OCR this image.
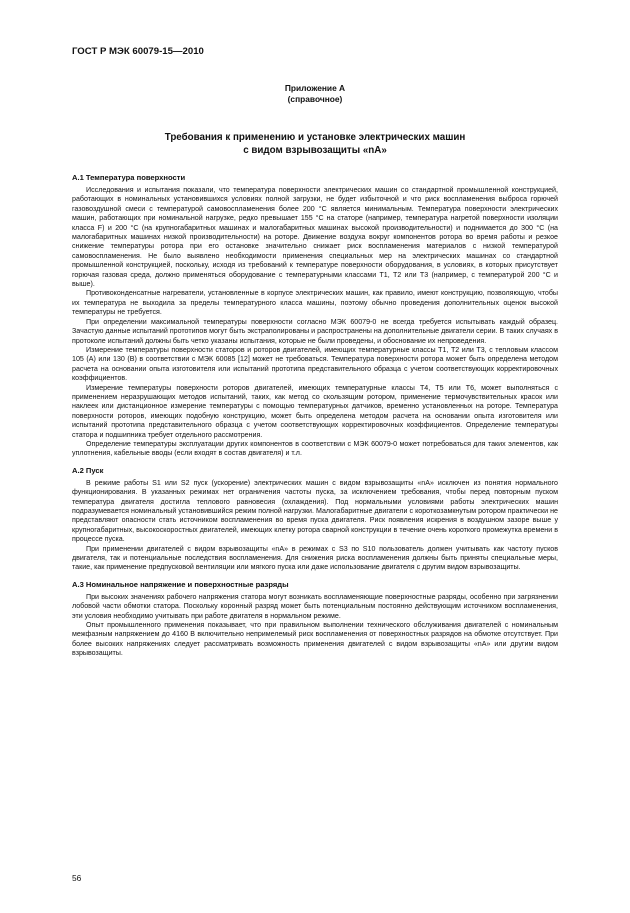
ГОСТ Р МЭК 60079-15—2010
Приложение А
(справочное)
Требования к применению и установке электрических машин
с видом взрывозащиты «nA»
А.1 Температура поверхности

Исследования и испытания показали, что температура поверхности электрических машин со стандартной промышленной конструкцией, работающих в номинальных установившихся условиях полной загрузки, не будет избыточной и что риск воспламенения выброса горючей газовоздушной смеси с температурой самовоспламенения более 200 °С является минимальным. Температура поверхности электрических машин, работающих при номинальной нагрузке, редко превышает 155 °С на статоре (например, температура нагретой поверхности изоляции класса F) и 200 °С (на крупногабаритных машинах и малогабаритных машинах высокой производительности) и поднимается до 300 °С (на малогабаритных машинах низкой производительности) на роторе. Движение воздуха вокруг компонентов ротора во время работы и резкое снижение температуры ротора при его остановке значительно снижает риск воспламенения материалов с низкой температурой самовоспламенения. Не было выявлено необходимости применения специальных мер на электрических машинах со стандартной промышленной конструкцией, поскольку, исходя из требований к температуре поверхности оборудования, в условиях, в которых присутствует горючая газовая среда, должно применяться оборудование с температурными классами Т1, Т2 или Т3 (например, с температурой 200 °С и выше).

Противоконденсатные нагреватели, установленные в корпусе электрических машин, как правило, имеют конструкцию, позволяющую, чтобы их температура не выходила за пределы температурного класса машины, поэтому обычно проведения дополнительных оценок высокой температуры не требуется.

При определении максимальной температуры поверхности согласно МЭК 60079-0 не всегда требуется испытывать каждый образец. Зачастую данные испытаний прототипов могут быть экстраполированы и распространены на дополнительные двигатели серии. В таких случаях в протоколе испытаний должны быть четко указаны испытания, которые не были проведены, и обоснование их непроведения.

Измерение температуры поверхности статоров и роторов двигателей, имеющих температурные классы Т1, Т2 или Т3, с тепловым классом 105 (А) или 130 (В) в соответствии с МЭК 60085 [12] может не требоваться. Температура поверхности ротора может быть определена методом расчета на основании опыта изготовителя или испытаний прототипа представительного образца с учетом соответствующих корректировочных коэффициентов.

Измерение температуры поверхности роторов двигателей, имеющих температурные классы Т4, Т5 или Т6, может выполняться с применением неразрушающих методов испытаний, таких, как метод со скользящим ротором, применение термочувствительных красок или наклеек или дистанционное измерение температуры с помощью температурных датчиков, временно установленных на роторе. Температура поверхности роторов, имеющих подобную конструкцию, может быть определена методом расчета на основании опыта изготовителя или испытаний прототипа представительного образца с учетом соответствующих корректировочных коэффициентов. Определение температуры статора и подшипника требует отдельного рассмотрения.

Определение температуры эксплуатации других компонентов в соответствии с МЭК 60079-0 может потребоваться для таких элементов, как уплотнения, кабельные вводы (если входят в состав двигателя) и т.л.

А.2 Пуск

В режиме работы S1 или S2 пуск (ускорение) электрических машин с видом взрывозащиты «nA» исключен из понятия нормального функционирования. В указанных режимах нет ограничения частоты пуска, за исключением требования, чтобы перед повторным пуском температура двигателя достигла теплового равновесия (охлаждения). Под нормальными условиями работы электрических машин подразумевается номинальный установившийся режим полной нагрузки. Малогабаритные двигатели с короткозамкнутым ротором практически не представляют опасности стать источником воспламенения во время пуска двигателя. Риск появления искрения в воздушном зазоре выше у крупногабаритных, высокоскоростных двигателей, имеющих клетку ротора сварной конструкции в течение очень короткого промежутка времени в процессе пуска.

При применении двигателей с видом взрывозащиты «nA» в режимах с S3 по S10 пользователь должен учитывать как частоту пусков двигателя, так и потенциальные последствия воспламенения. Для снижения риска воспламенения должны быть приняты специальные меры, такие, как применение предпусковой вентиляции или мягкого пуска или даже использование двигателя с другим видом взрывозащиты.

А.3 Номинальное напряжение и поверхностные разряды

При высоких значениях рабочего напряжения статора могут возникать воспламеняющие поверхностные разряды, особенно при загрязнении лобовой части обмотки статора. Поскольку коронный разряд может быть потенциальным постоянно действующим источником воспламенения, эти условия необходимо учитывать при работе двигателя в нормальном режиме.

Опыт промышленного применения показывает, что при правильном выполнении технического обслуживания двигателей с номинальным межфазным напряжением до 4160 В включительно непримелемый риск воспламенения от поверхностных разрядов на обмотке отсутствует. При более высоких напряжениях следует рассматривать возможность применения двигателей с видом взрывозащиты «nA» или другим видом взрывозащиты.

56
